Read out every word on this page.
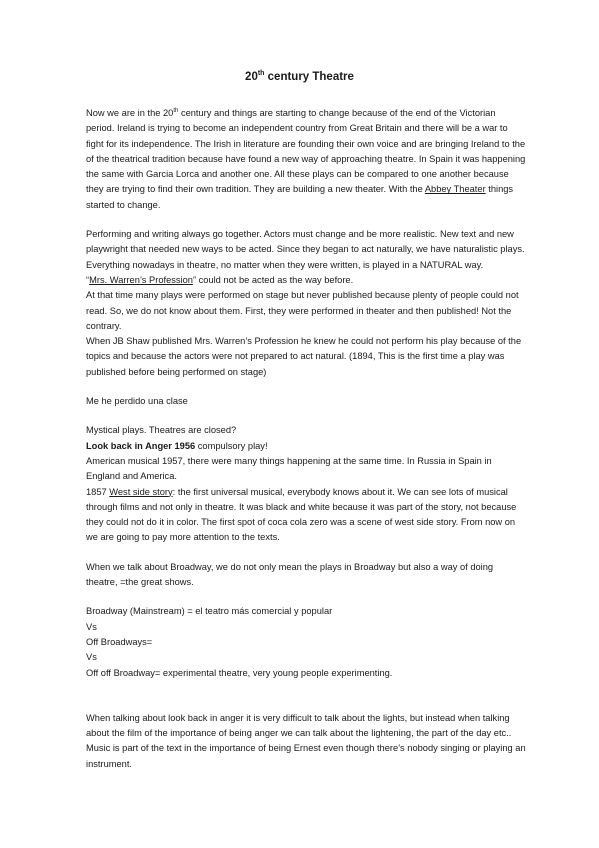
20th century Theatre

Now we are in the 20th century and things are starting to change because of the end of the Victorian period. Ireland is trying to become an independent country from Great Britain and there will be a war to fight for its independence. The Irish in literature are founding their own voice and are bringing Ireland to the of the theatrical tradition because have found a new way of approaching theatre. In Spain it was happening the same with Garcia Lorca and another one. All these plays can be compared to one another because they are trying to find their own tradition. They are building a new theater. With the Abbey Theater things started to change.

Performing and writing always go together. Actors must change and be more realistic. New text and new playwright that needed new ways to be acted. Since they began to act naturally, we have naturalistic plays. Everything nowadays in theatre, no matter when they were written, is played in a NATURAL way.

“Mrs. Warren’s Profession” could not be acted as the way before.

At that time many plays were performed on stage but never published because plenty of people could not read. So, we do not know about them. First, they were performed in theater and then published! Not the contrary.

When JB Shaw published Mrs. Warren’s Profession he knew he could not perform his play because of the topics and because the actors were not prepared to act natural. (1894, This is the first time a play was published before being performed on stage)

Me he perdido una clase

Mystical plays. Theatres are closed?

Look back in Anger 1956 compulsory play!

American musical 1957, there were many things happening at the same time. In Russia in Spain in England and America.

1857 West side story: the first universal musical, everybody knows about it. We can see lots of musical through films and not only in theatre. It was black and white because it was part of the story, not because they could not do it in color. The first spot of coca cola zero was a scene of west side story. From now on we are going to pay more attention to the texts.

When we talk about Broadway, we do not only mean the plays in Broadway but also a way of doing theatre, =the great shows.

Broadway (Mainstream) = el teatro más comercial y popular

Vs

Off Broadways=

Vs

Off off Broadway= experimental theatre, very young people experimenting.

When talking about look back in anger it is very difficult to talk about the lights, but instead when talking about the film of the importance of being anger we can talk about the lightening, the part of the day etc..

Music is part of the text in the importance of being Ernest even though there’s nobody singing or playing an instrument.
